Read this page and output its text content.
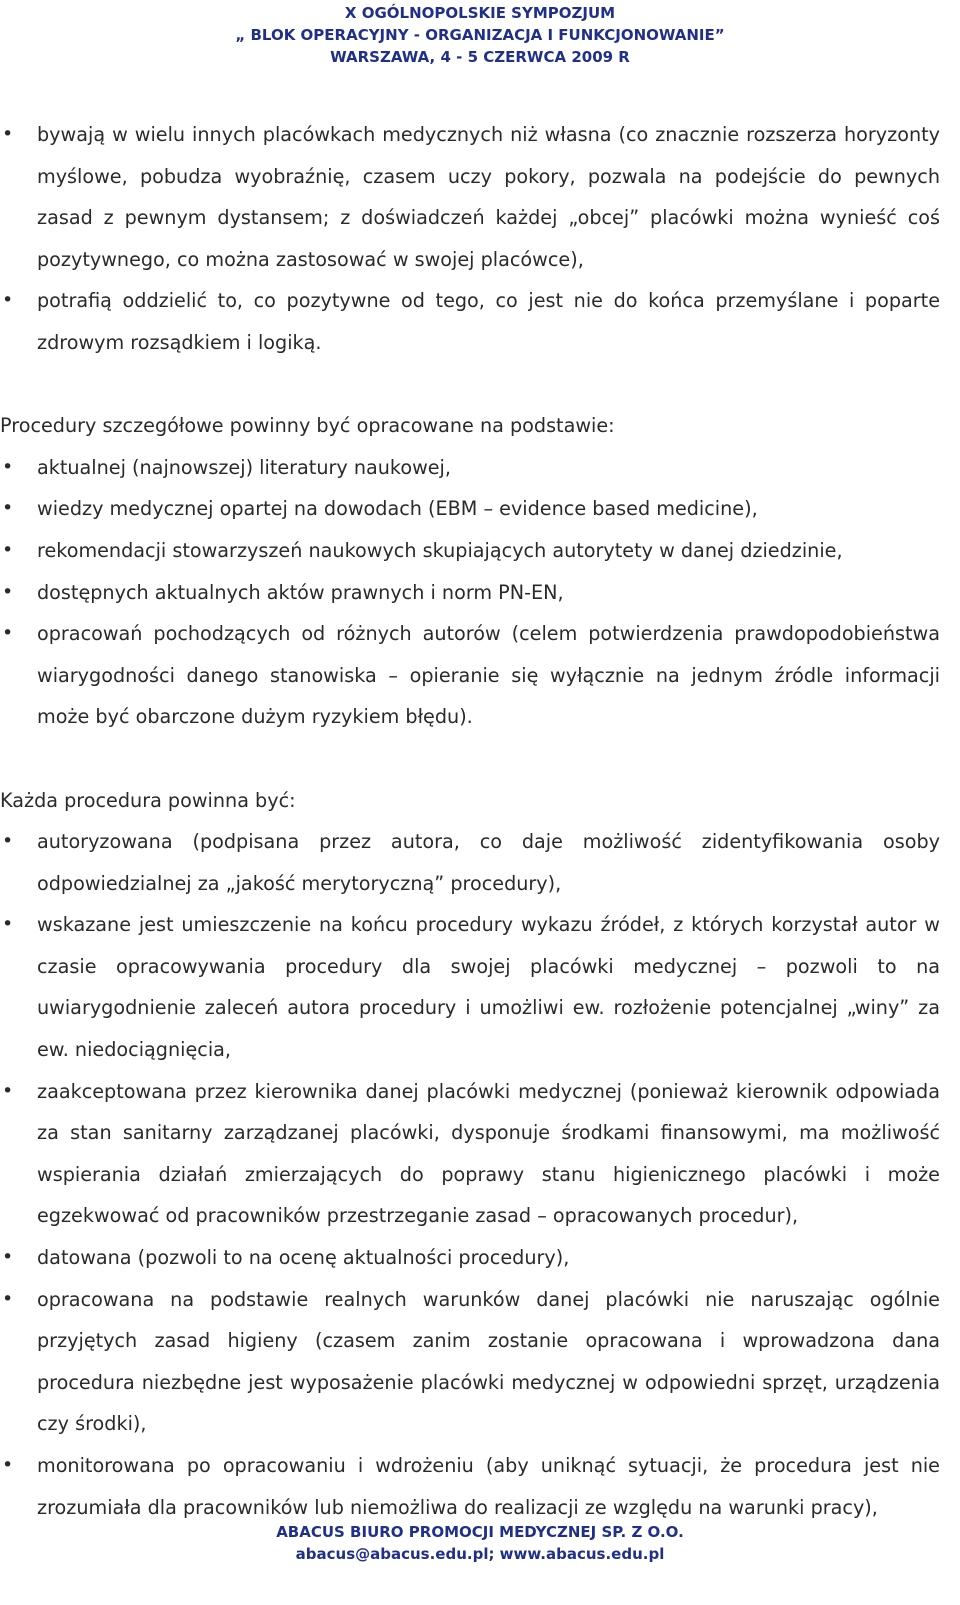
X OGÓLNOPOLSKIE SYMPOZJUM
„ BLOK OPERACYJNY - ORGANIZACJA I FUNKCJONOWANIE”
WARSZAWA, 4 - 5 CZERWCA 2009 R
• bywają w wielu innych placówkach medycznych niż własna (co znacznie rozszerza horyzonty myślowe, pobudza wyobraźnię, czasem uczy pokory, pozwala na podejście do pewnych zasad z pewnym dystansem; z doświadczeń każdej „obcej” placówki można wynieść coś pozytywnego, co można zastosować w swojej placówce),
• potrafią oddzielić to, co pozytywne od tego, co jest nie do końca przemyślane i poparte zdrowym rozsądkiem i logiką.

Procedury szczegółowe powinny być opracowane na podstawie:

• aktualnej (najnowszej) literatury naukowej,
• wiedzy medycznej opartej na dowodach (EBM – evidence based medicine),
• rekomendacji stowarzyszeń naukowych skupiających autorytety w danej dziedzinie,
• dostępnych aktualnych aktów prawnych i norm PN-EN,
• opracowań pochodzących od różnych autorów (celem potwierdzenia prawdopodobieństwa wiarygodności danego stanowiska – opieranie się wyłącznie na jednym źródle informacji może być obarczone dużym ryzykiem błędu).

Każda procedura powinna być:

• autoryzowana (podpisana przez autora, co daje możliwość zidentyfikowania osoby odpowiedzialnej za „jakość merytoryczną” procedury),
• wskazane jest umieszczenie na końcu procedury wykazu źródeł, z których korzystał autor w czasie opracowywania procedury dla swojej placówki medycznej – pozwoli to na uwiarygodnienie zaleceń autora procedury i umożliwi ew. rozłożenie potencjalnej „winy” za ew. niedociągnięcia,
• zaakceptowana przez kierownika danej placówki medycznej (ponieważ kierownik odpowiada za stan sanitarny zarządzanej placówki, dysponuje środkami finansowymi, ma możliwość wspierania działań zmierzających do poprawy stanu higienicznego placówki i może egzekwować od pracowników przestrzeganie zasad – opracowanych procedur),
• datowana (pozwoli to na ocenę aktualności procedury),
• opracowana na podstawie realnych warunków danej placówki nie naruszając ogólnie przyjętych zasad higieny (czasem zanim zostanie opracowana i wprowadzona dana procedura niezbędne jest wyposażenie placówki medycznej w odpowiedni sprzęt, urządzenia czy środki),
• monitorowana po opracowaniu i wdrożeniu (aby uniknąć sytuacji, że procedura jest nie zrozumiała dla pracowników lub niemożliwa do realizacji ze względu na warunki pracy),
ABACUS BIURO PROMOCJI MEDYCZNEJ SP. Z O.O.
abacus@abacus.edu.pl; www.abacus.edu.pl
